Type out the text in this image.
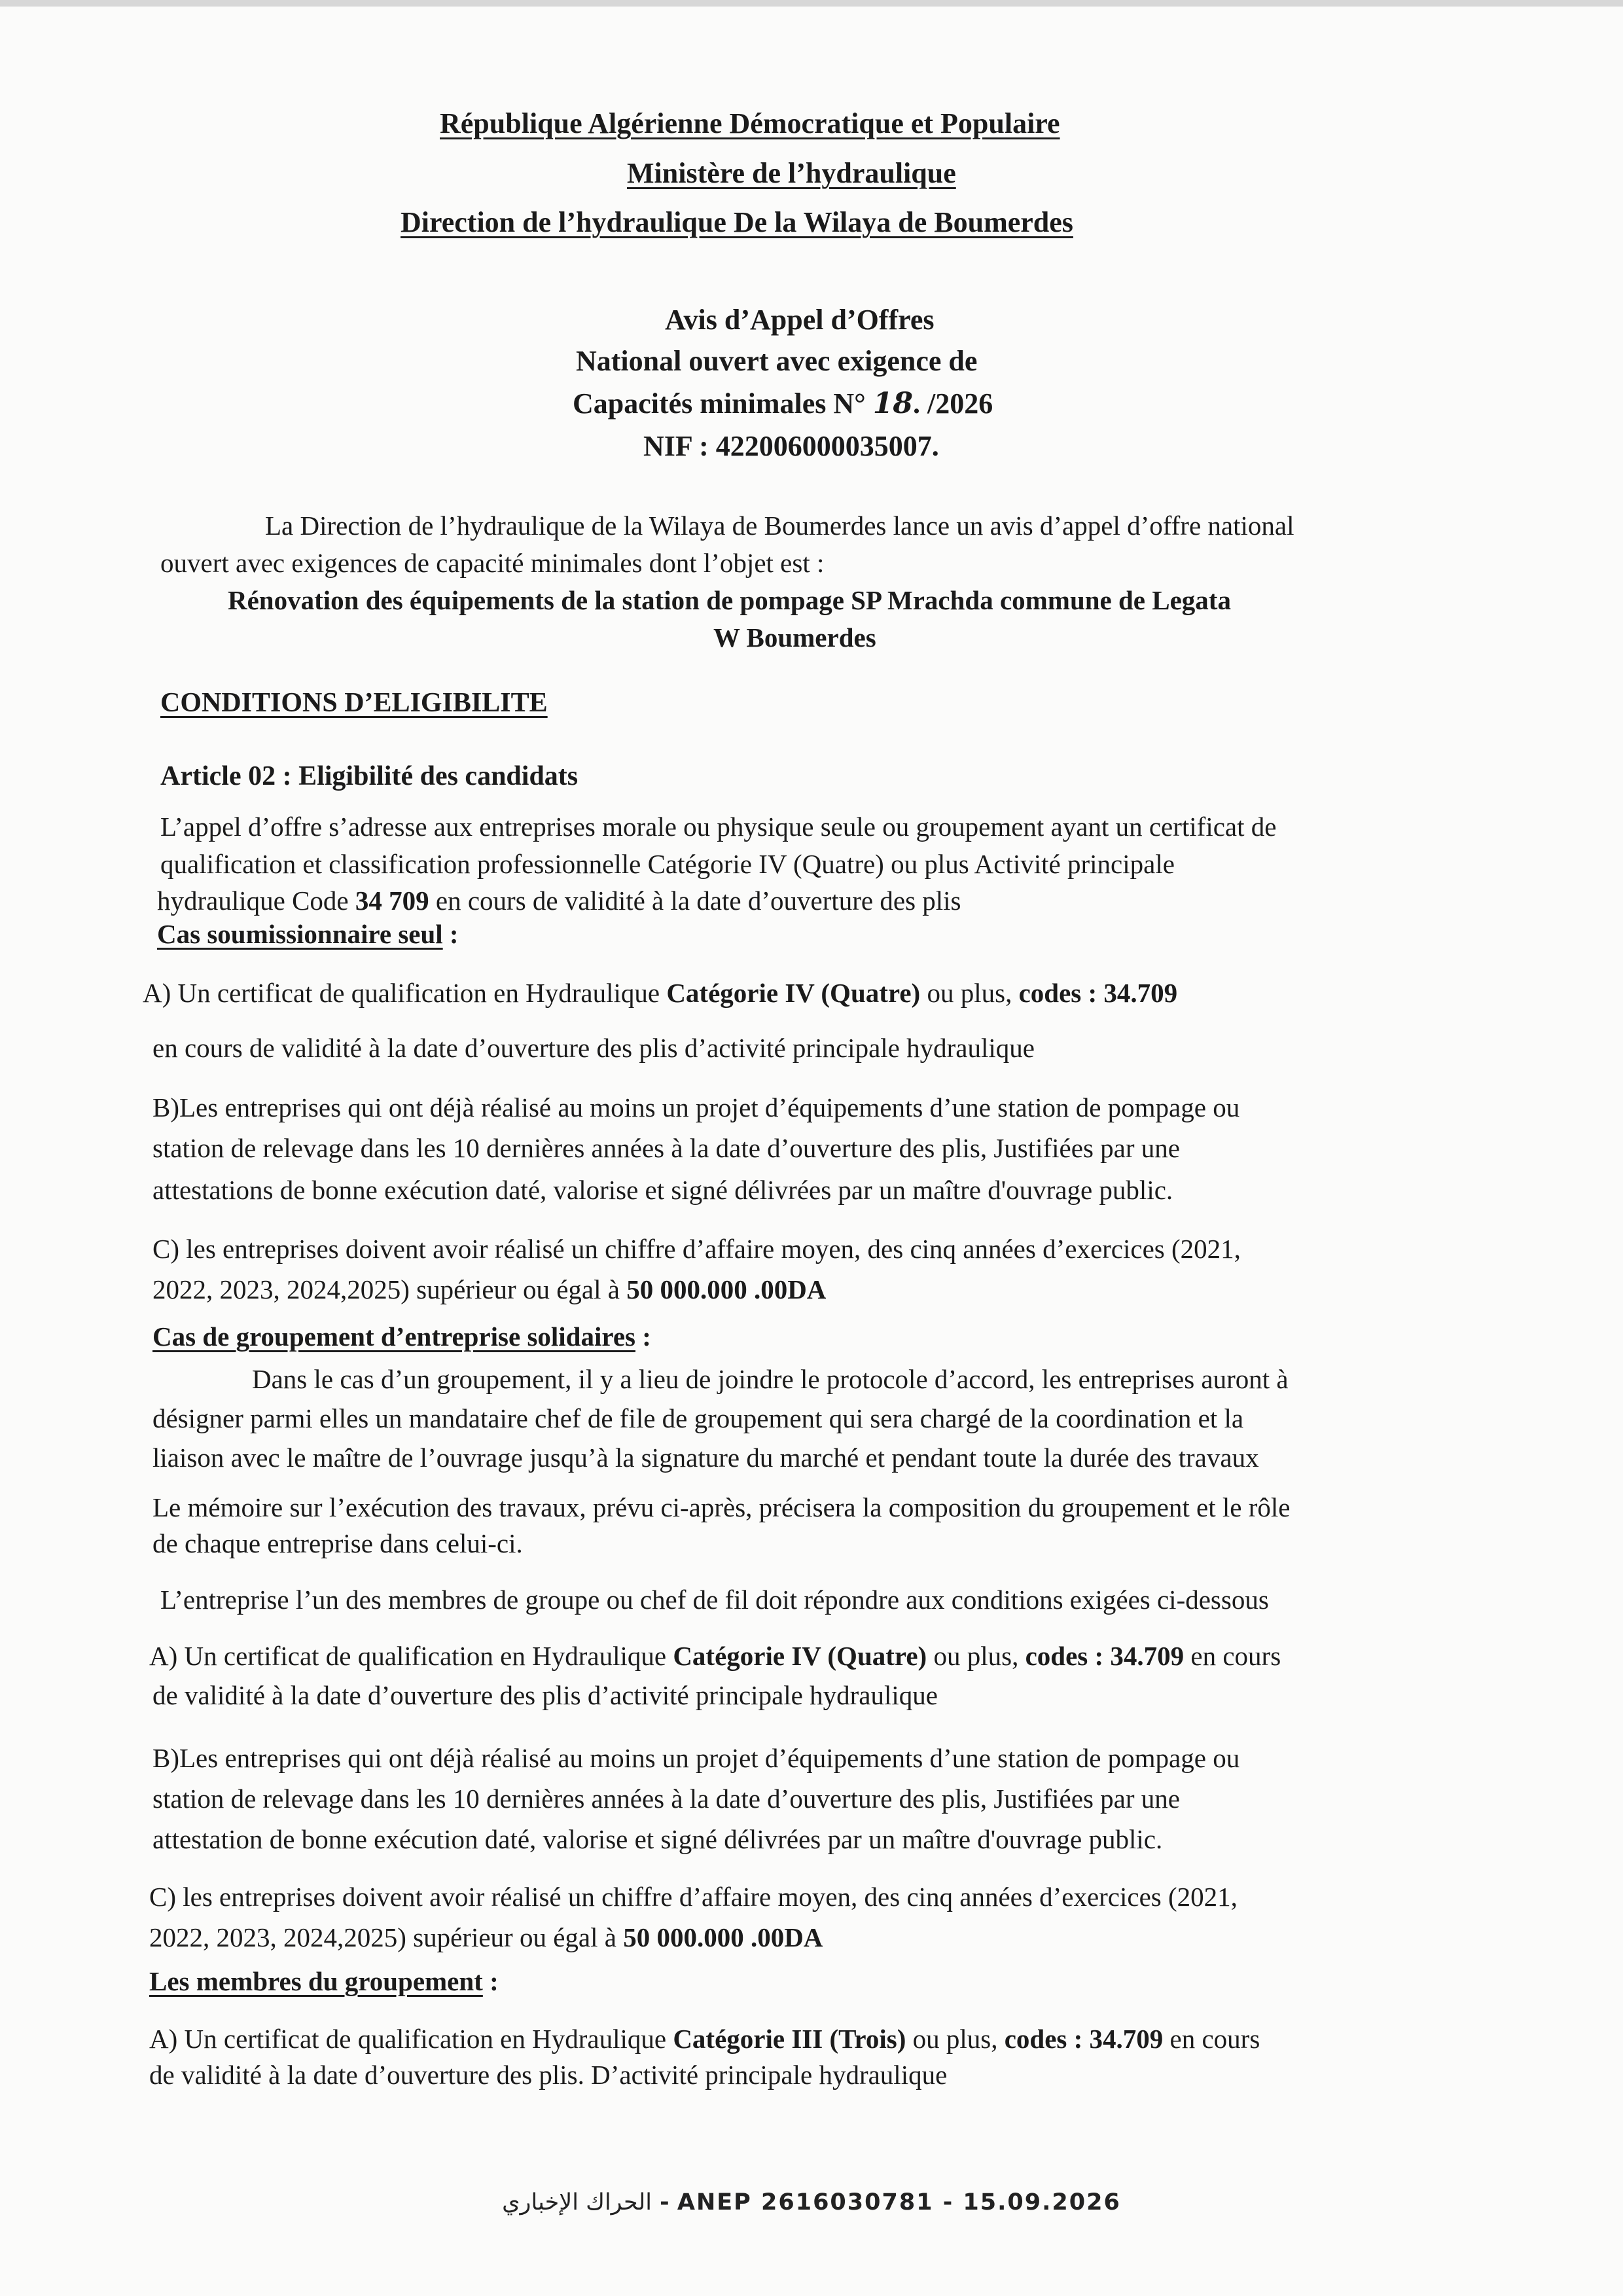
République Algérienne Démocratique et Populaire
Ministère de l’hydraulique
Direction de l’hydraulique De la Wilaya de Boumerdes
Avis d’Appel d’Offres
National ouvert avec exigence de
Capacités minimales N° 18. /2026
NIF : 422006000035007.
La Direction de l’hydraulique de la Wilaya de Boumerdes lance un avis d’appel d’offre national
ouvert avec exigences de capacité minimales dont l’objet est :
Rénovation des équipements de la station de pompage SP Mrachda commune de Legata
W Boumerdes
CONDITIONS D’ELIGIBILITE
Article 02 : Eligibilité des candidats
L’appel d’offre s’adresse aux entreprises morale ou physique seule ou groupement ayant un certificat de
qualification et classification professionnelle Catégorie IV (Quatre) ou plus Activité principale
hydraulique Code 34 709 en cours de validité à la date d’ouverture des plis
Cas soumissionnaire seul :
A) Un certificat de qualification en Hydraulique Catégorie IV (Quatre) ou plus, codes : 34.709
en cours de validité à la date d’ouverture des plis d’activité principale hydraulique
B)Les entreprises qui ont déjà réalisé au moins un projet d’équipements d’une station de pompage ou
station de relevage dans les 10 dernières années à la date d’ouverture des plis, Justifiées par une
attestations de bonne exécution daté, valorise et signé délivrées par un maître d'ouvrage public.
C) les entreprises doivent avoir réalisé un chiffre d’affaire moyen, des cinq années d’exercices (2021,
2022, 2023, 2024,2025) supérieur ou égal à 50 000.000 .00DA
Cas de groupement d’entreprise solidaires :
Dans le cas d’un groupement, il y a lieu de joindre le protocole d’accord, les entreprises auront à
désigner parmi elles un mandataire chef de file de groupement qui sera chargé de la coordination et la
liaison avec le maître de l’ouvrage jusqu’à la signature du marché et pendant toute la durée des travaux
Le mémoire sur l’exécution des travaux, prévu ci-après, précisera la composition du groupement et le rôle
de chaque entreprise dans celui-ci.
L’entreprise l’un des membres de groupe ou chef de fil doit répondre aux conditions exigées ci-dessous
A) Un certificat de qualification en Hydraulique Catégorie IV (Quatre) ou plus, codes : 34.709 en cours
de validité à la date d’ouverture des plis d’activité principale hydraulique
B)Les entreprises qui ont déjà réalisé au moins un projet d’équipements d’une station de pompage ou
station de relevage dans les 10 dernières années à la date d’ouverture des plis, Justifiées par une
attestation de bonne exécution daté, valorise et signé délivrées par un maître d'ouvrage public.
C) les entreprises doivent avoir réalisé un chiffre d’affaire moyen, des cinq années d’exercices (2021,
2022, 2023, 2024,2025) supérieur ou égal à 50 000.000 .00DA
Les membres du groupement :
A) Un certificat de qualification en Hydraulique Catégorie III (Trois) ou plus, codes : 34.709 en cours
de validité à la date d’ouverture des plis. D’activité principale hydraulique
الحراك الإخباري - ANEP 2616030781 - 15.09.2026
